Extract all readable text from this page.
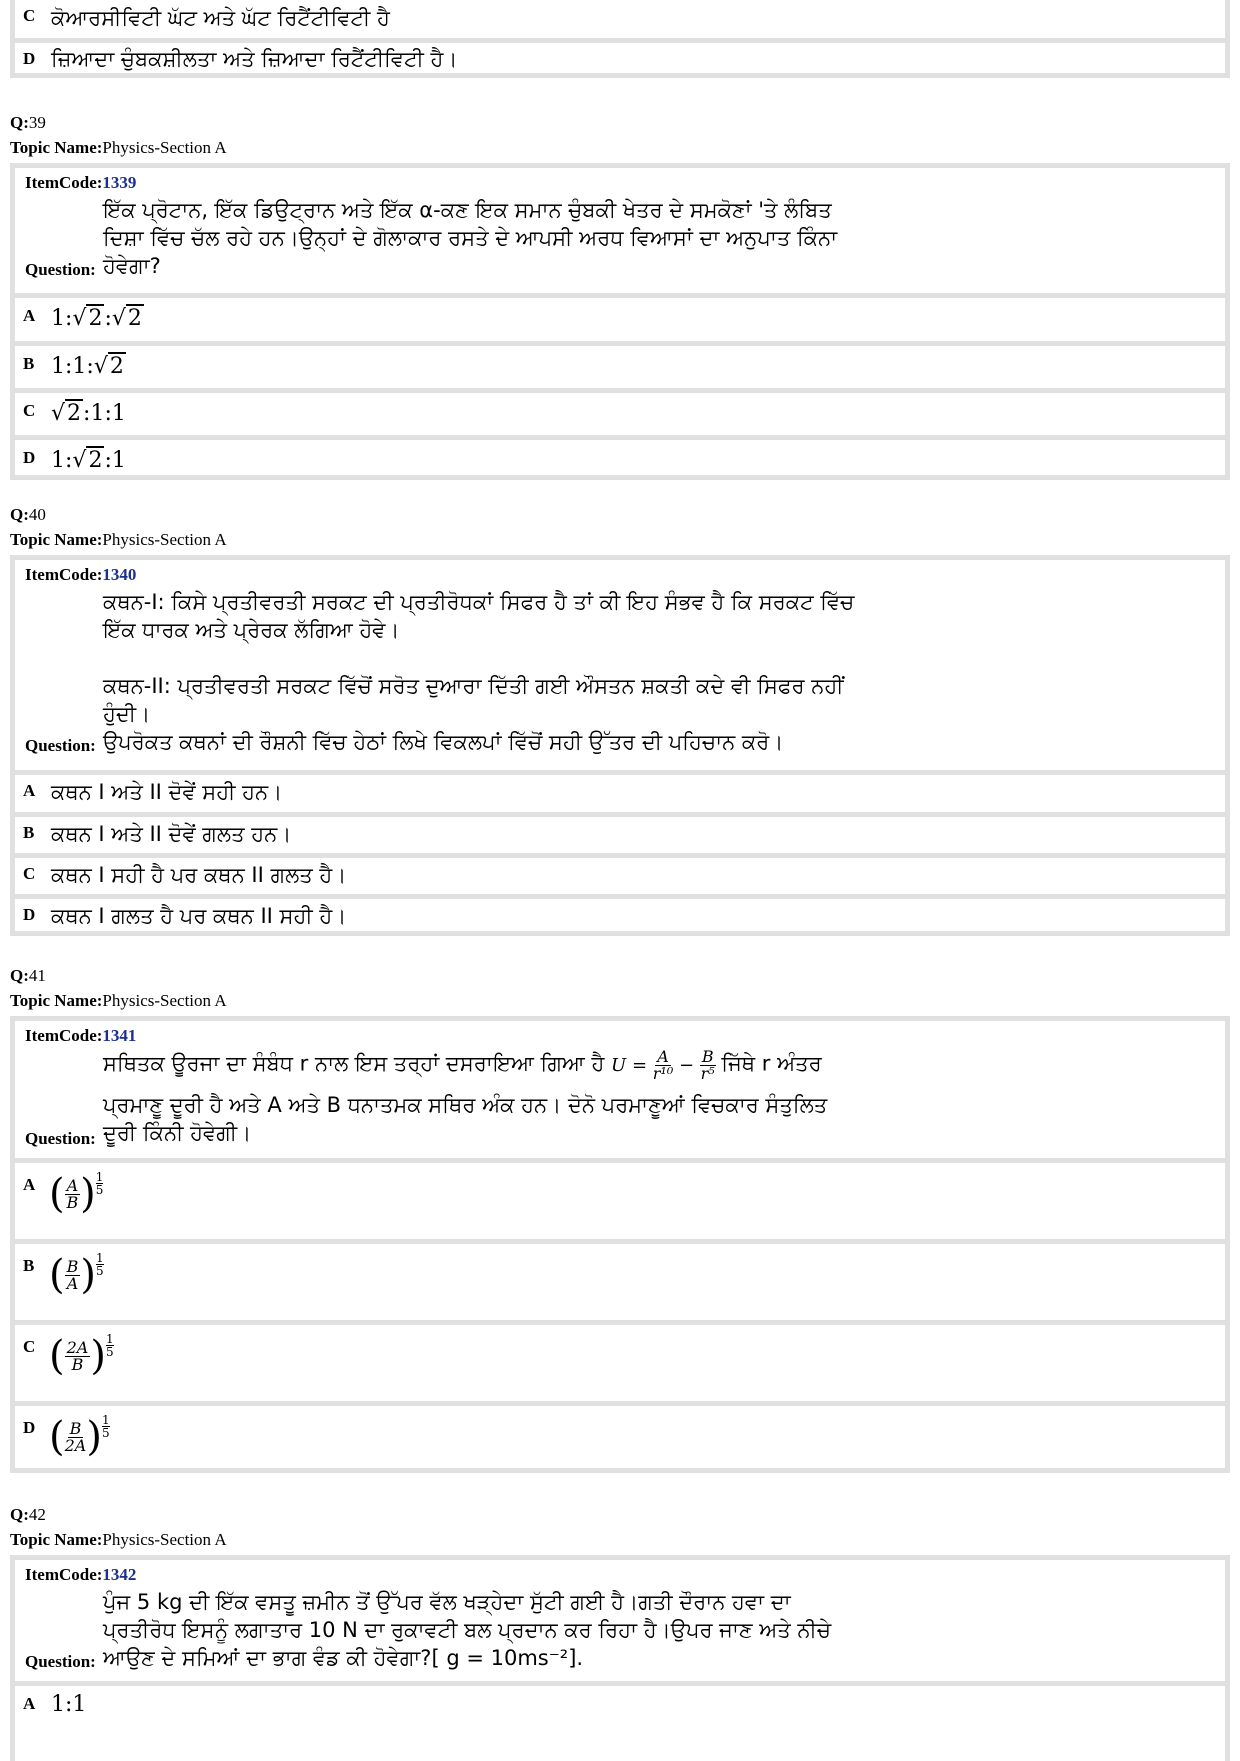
C ਕੋਆਰਸੀਵਿਟੀ ਘੱਟ ਅਤੇ ਘੱਟ ਰਿਟੈਂਟੀਵਿਟੀ ਹੈ
D ਜ਼ਿਆਦਾ ਚੁੰਬਕਸ਼ੀਲਤਾ ਅਤੇ ਜ਼ਿਆਦਾ ਰਿਟੈਂਟੀਵਿਟੀ ਹੈ।
Q:39
Topic Name:Physics-Section A
ItemCode:1339
ਇੱਕ ਪ੍ਰੋਟਾਨ, ਇੱਕ ਡਿਉਟ੍ਰਾਨ ਅਤੇ ਇੱਕ α-ਕਣ ਇਕ ਸਮਾਨ ਚੁੰਬਕੀ ਖੇਤਰ ਦੇ ਸਮਕੋਣਾਂ 'ਤੇ ਲੰਬਿਤ
ਦਿਸ਼ਾ ਵਿੱਚ ਚੱਲ ਰਹੇ ਹਨ।ਉਨ੍ਹਾਂ ਦੇ ਗੋਲਾਕਾਰ ਰਸਤੇ ਦੇ ਆਪਸੀ ਅਰਧ ਵਿਆਸਾਂ ਦਾ ਅਨੁਪਾਤ ਕਿੰਨਾ
ਹੋਵੇਗਾ?
Question:
A 1:√2:√2
B 1:1:√2
C √2:1:1
D 1:√2:1
Q:40
Topic Name:Physics-Section A
ItemCode:1340
ਕਥਨ-I: ਕਿਸੇ ਪ੍ਰਤੀਵਰਤੀ ਸਰਕਟ ਦੀ ਪ੍ਰਤੀਰੋਧਕਾਂ ਸਿਫਰ ਹੈ ਤਾਂ ਕੀ ਇਹ ਸੰਭਵ ਹੈ ਕਿ ਸਰਕਟ ਵਿੱਚ
ਇੱਕ ਧਾਰਕ ਅਤੇ ਪ੍ਰੇਰਕ ਲੱਗਿਆ ਹੋਵੇ।
ਕਥਨ-II: ਪ੍ਰਤੀਵਰਤੀ ਸਰਕਟ ਵਿੱਚੋਂ ਸਰੋਤ ਦੁਆਰਾ ਦਿੱਤੀ ਗਈ ਔਸਤਨ ਸ਼ਕਤੀ ਕਦੇ ਵੀ ਸਿਫਰ ਨਹੀਂ
ਹੁੰਦੀ।
ਉਪਰੋਕਤ ਕਥਨਾਂ ਦੀ ਰੌਸ਼ਨੀ ਵਿੱਚ ਹੇਠਾਂ ਲਿਖੇ ਵਿਕਲਪਾਂ ਵਿੱਚੋਂ ਸਹੀ ਉੱਤਰ ਦੀ ਪਹਿਚਾਨ ਕਰੋ।
Question:
A ਕਥਨ I ਅਤੇ II ਦੋਵੇਂ ਸਹੀ ਹਨ।
B ਕਥਨ I ਅਤੇ II ਦੋਵੇਂ ਗਲਤ ਹਨ।
C ਕਥਨ I ਸਹੀ ਹੈ ਪਰ ਕਥਨ II ਗਲਤ ਹੈ।
D ਕਥਨ I ਗਲਤ ਹੈ ਪਰ ਕਥਨ II ਸਹੀ ਹੈ।
Q:41
Topic Name:Physics-Section A
ItemCode:1341
ਸਥਿਤਕ ਊਰਜਾ ਦਾ ਸੰਬੰਧ r ਨਾਲ ਇਸ ਤਰ੍ਹਾਂ ਦਸਰਾਇਆ ਗਿਆ ਹੈ $U = \frac{A}{\text{r¹⁰}} - \frac{B}{\text{r⁵}}$ ਜਿੱਥੇ r ਅੰਤਰ
ਪ੍ਰਮਾਣੂ ਦੂਰੀ ਹੈ ਅਤੇ A ਅਤੇ B ਧਨਾਤਮਕ ਸਥਿਰ ਅੰਕ ਹਨ। ਦੋਨੋ ਪਰਮਾਣੂਆਂ ਵਿਚਕਾਰ ਸੰਤੁਲਿਤ
ਦੂਰੀ ਕਿੰਨੀ ਹੋਵੇਗੀ।
Question:
A ( $\frac{A}{B}$ ) $\frac{1}{5}$
B ( $\frac{B}{A}$ ) $\frac{1}{5}$
C ( $\frac{2A}{B}$ ) $\frac{1}{5}$
D ( $\frac{B}{2A}$ ) $\frac{1}{5}$
Q:42
Topic Name:Physics-Section A
ItemCode:1342
ਪੁੰਜ 5 kg ਦੀ ਇੱਕ ਵਸਤੂ ਜ਼ਮੀਨ ਤੋਂ ਉੱਪਰ ਵੱਲ ਖੜ੍ਹੇਦਾ ਸੁੱਟੀ ਗਈ ਹੈ।ਗਤੀ ਦੌਰਾਨ ਹਵਾ ਦਾ
ਪ੍ਰਤੀਰੋਧ ਇਸਨੂੰ ਲਗਾਤਾਰ 10 N ਦਾ ਰੁਕਾਵਟੀ ਬਲ ਪ੍ਰਦਾਨ ਕਰ ਰਿਹਾ ਹੈ।ਉਪਰ ਜਾਣ ਅਤੇ ਨੀਚੇ
ਆਉਣ ਦੇ ਸਮਿਆਂ ਦਾ ਭਾਗ ਵੰਡ ਕੀ ਹੋਵੇਗਾ?[ g = 10ms⁻²].
Question:
A 1:1
